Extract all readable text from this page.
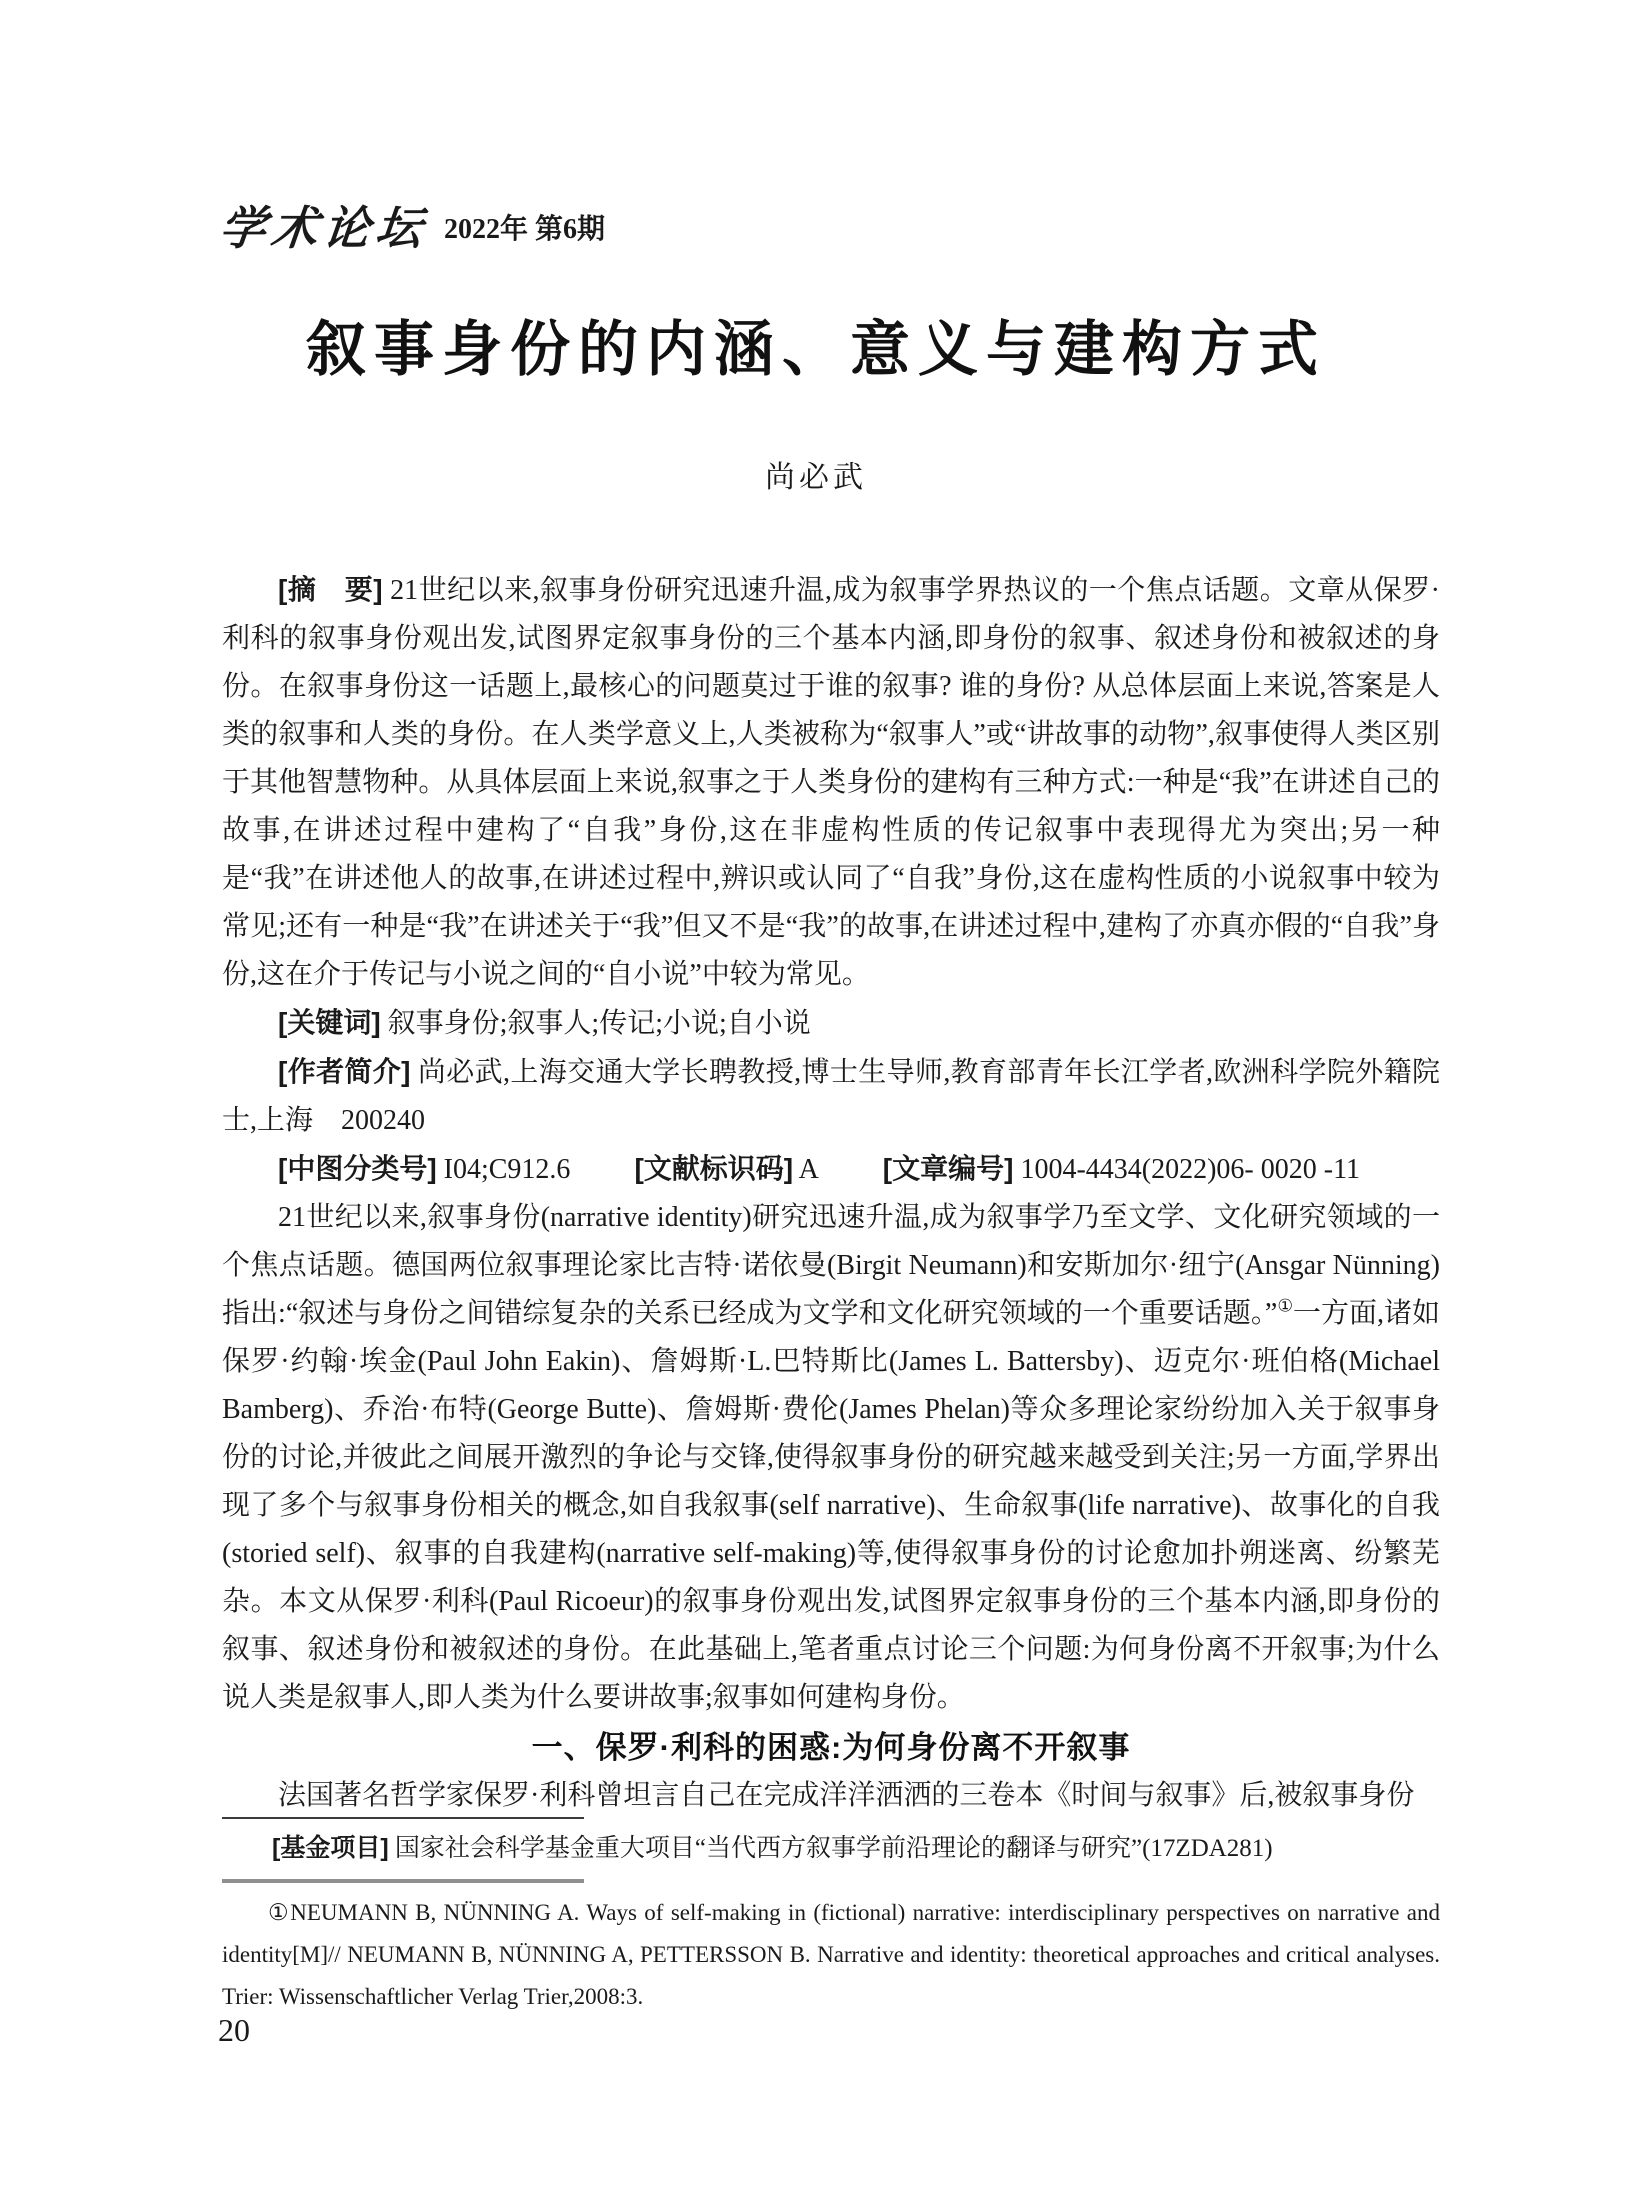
学术论坛 2022年 第6期
叙事身份的内涵、意义与建构方式
尚必武

[摘　要] 21世纪以来,叙事身份研究迅速升温,成为叙事学界热议的一个焦点话题。文章从保罗·利科的叙事身份观出发,试图界定叙事身份的三个基本内涵,即身份的叙事、叙述身份和被叙述的身份。在叙事身份这一话题上,最核心的问题莫过于谁的叙事? 谁的身份? 从总体层面上来说,答案是人类的叙事和人类的身份。在人类学意义上,人类被称为“叙事人”或“讲故事的动物”,叙事使得人类区别于其他智慧物种。从具体层面上来说,叙事之于人类身份的建构有三种方式:一种是“我”在讲述自己的故事,在讲述过程中建构了“自我”身份,这在非虚构性质的传记叙事中表现得尤为突出;另一种是“我”在讲述他人的故事,在讲述过程中,辨识或认同了“自我”身份,这在虚构性质的小说叙事中较为常见;还有一种是“我”在讲述关于“我”但又不是“我”的故事,在讲述过程中,建构了亦真亦假的“自我”身份,这在介于传记与小说之间的“自小说”中较为常见。

[关键词] 叙事身份;叙事人;传记;小说;自小说

[作者简介] 尚必武,上海交通大学长聘教授,博士生导师,教育部青年长江学者,欧洲科学院外籍院士,上海　200240

[中图分类号] I04;C912.6 [文献标识码] A [文章编号] 1004-4434(2022)06- 0020 -11

21世纪以来,叙事身份(narrative identity)研究迅速升温,成为叙事学乃至文学、文化研究领域的一个焦点话题。德国两位叙事理论家比吉特·诺依曼(Birgit Neumann)和安斯加尔·纽宁(Ansgar Nünning)指出:“叙述与身份之间错综复杂的关系已经成为文学和文化研究领域的一个重要话题。”①一方面,诸如保罗·约翰·埃金(Paul John Eakin)、詹姆斯·L.巴特斯比(James L. Battersby)、迈克尔·班伯格(Michael Bamberg)、乔治·布特(George Butte)、詹姆斯·费伦(James Phelan)等众多理论家纷纷加入关于叙事身份的讨论,并彼此之间展开激烈的争论与交锋,使得叙事身份的研究越来越受到关注;另一方面,学界出现了多个与叙事身份相关的概念,如自我叙事(self narrative)、生命叙事(life narrative)、故事化的自我(storied self)、叙事的自我建构(narrative self-making)等,使得叙事身份的讨论愈加扑朔迷离、纷繁芜杂。本文从保罗·利科(Paul Ricoeur)的叙事身份观出发,试图界定叙事身份的三个基本内涵,即身份的叙事、叙述身份和被叙述的身份。在此基础上,笔者重点讨论三个问题:为何身份离不开叙事;为什么说人类是叙事人,即人类为什么要讲故事;叙事如何建构身份。

一、保罗·利科的困惑:为何身份离不开叙事
法国著名哲学家保罗·利科曾坦言自己在完成洋洋洒洒的三卷本《时间与叙事》后,被叙事身份
[基金项目] 国家社会科学基金重大项目“当代西方叙事学前沿理论的翻译与研究”(17ZDA281)

①NEUMANN B, NÜNNING A. Ways of self-making in (fictional) narrative: interdisciplinary perspectives on narrative and identity[M]// NEUMANN B, NÜNNING A, PETTERSSON B. Narrative and identity: theoretical approaches and critical analyses. Trier: Wissenschaftlicher Verlag Trier,2008:3.

20
